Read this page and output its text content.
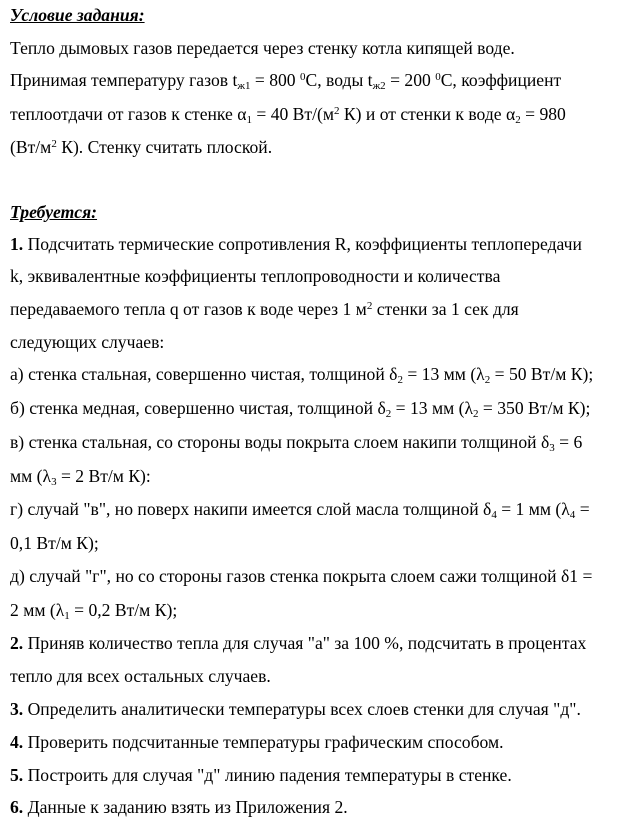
Условие задания:
Тепло дымовых газов передается через стенку котла кипящей воде.
Принимая температуру газов $t_{ж1} = 800$ $^0$С, воды $t_{ж2} = 200$ $^0$С, коэффициент
теплоотдачи от газов к стенке $\alpha_1 = 40$ $Вт/(м^2$ К) и от стенки к воде $\alpha_2 = 980$
($Вт/м^2$ К). Стенку считать плоской.
Требуется:
1. Подсчитать термические сопротивления R, коэффициенты теплопередачи
k, эквивалентные коэффициенты теплопроводности и количества
передаваемого тепла q от газов к воде через 1 $м^2$ стенки за 1 сек для
следующих случаев:
а) стенка стальная, совершенно чистая, толщиной $\delta_2 = 13$ мм ($\lambda_2 = 50$ Вт/м К);
б) стенка медная, совершенно чистая, толщиной $\delta_2 = 13$ мм ($\lambda_2 = 350$ Вт/м К);
в) стенка стальная, со стороны воды покрыта слоем накипи толщиной $\delta_3 = 6$
мм ($\lambda_3 = 2$ Вт/м К):
г) случай "в", но поверх накипи имеется слой масла толщиной $\delta_4 = 1$ мм ($\lambda_4$ =
0,1 Вт/м К);
д) случай "г", но со стороны газов стенка покрыта слоем сажи толщиной δ1 =
2 мм ($\lambda_1 = 0,2$ Вт/м К);
2. Приняв количество тепла для случая "а" за 100 %, подсчитать в процентах
тепло для всех остальных случаев.
3. Определить аналитически температуры всех слоев стенки для случая "д".
4. Проверить подсчитанные температуры графическим способом.
5. Построить для случая "д" линию падения температуры в стенке.
6. Данные к заданию взять из Приложения 2.
